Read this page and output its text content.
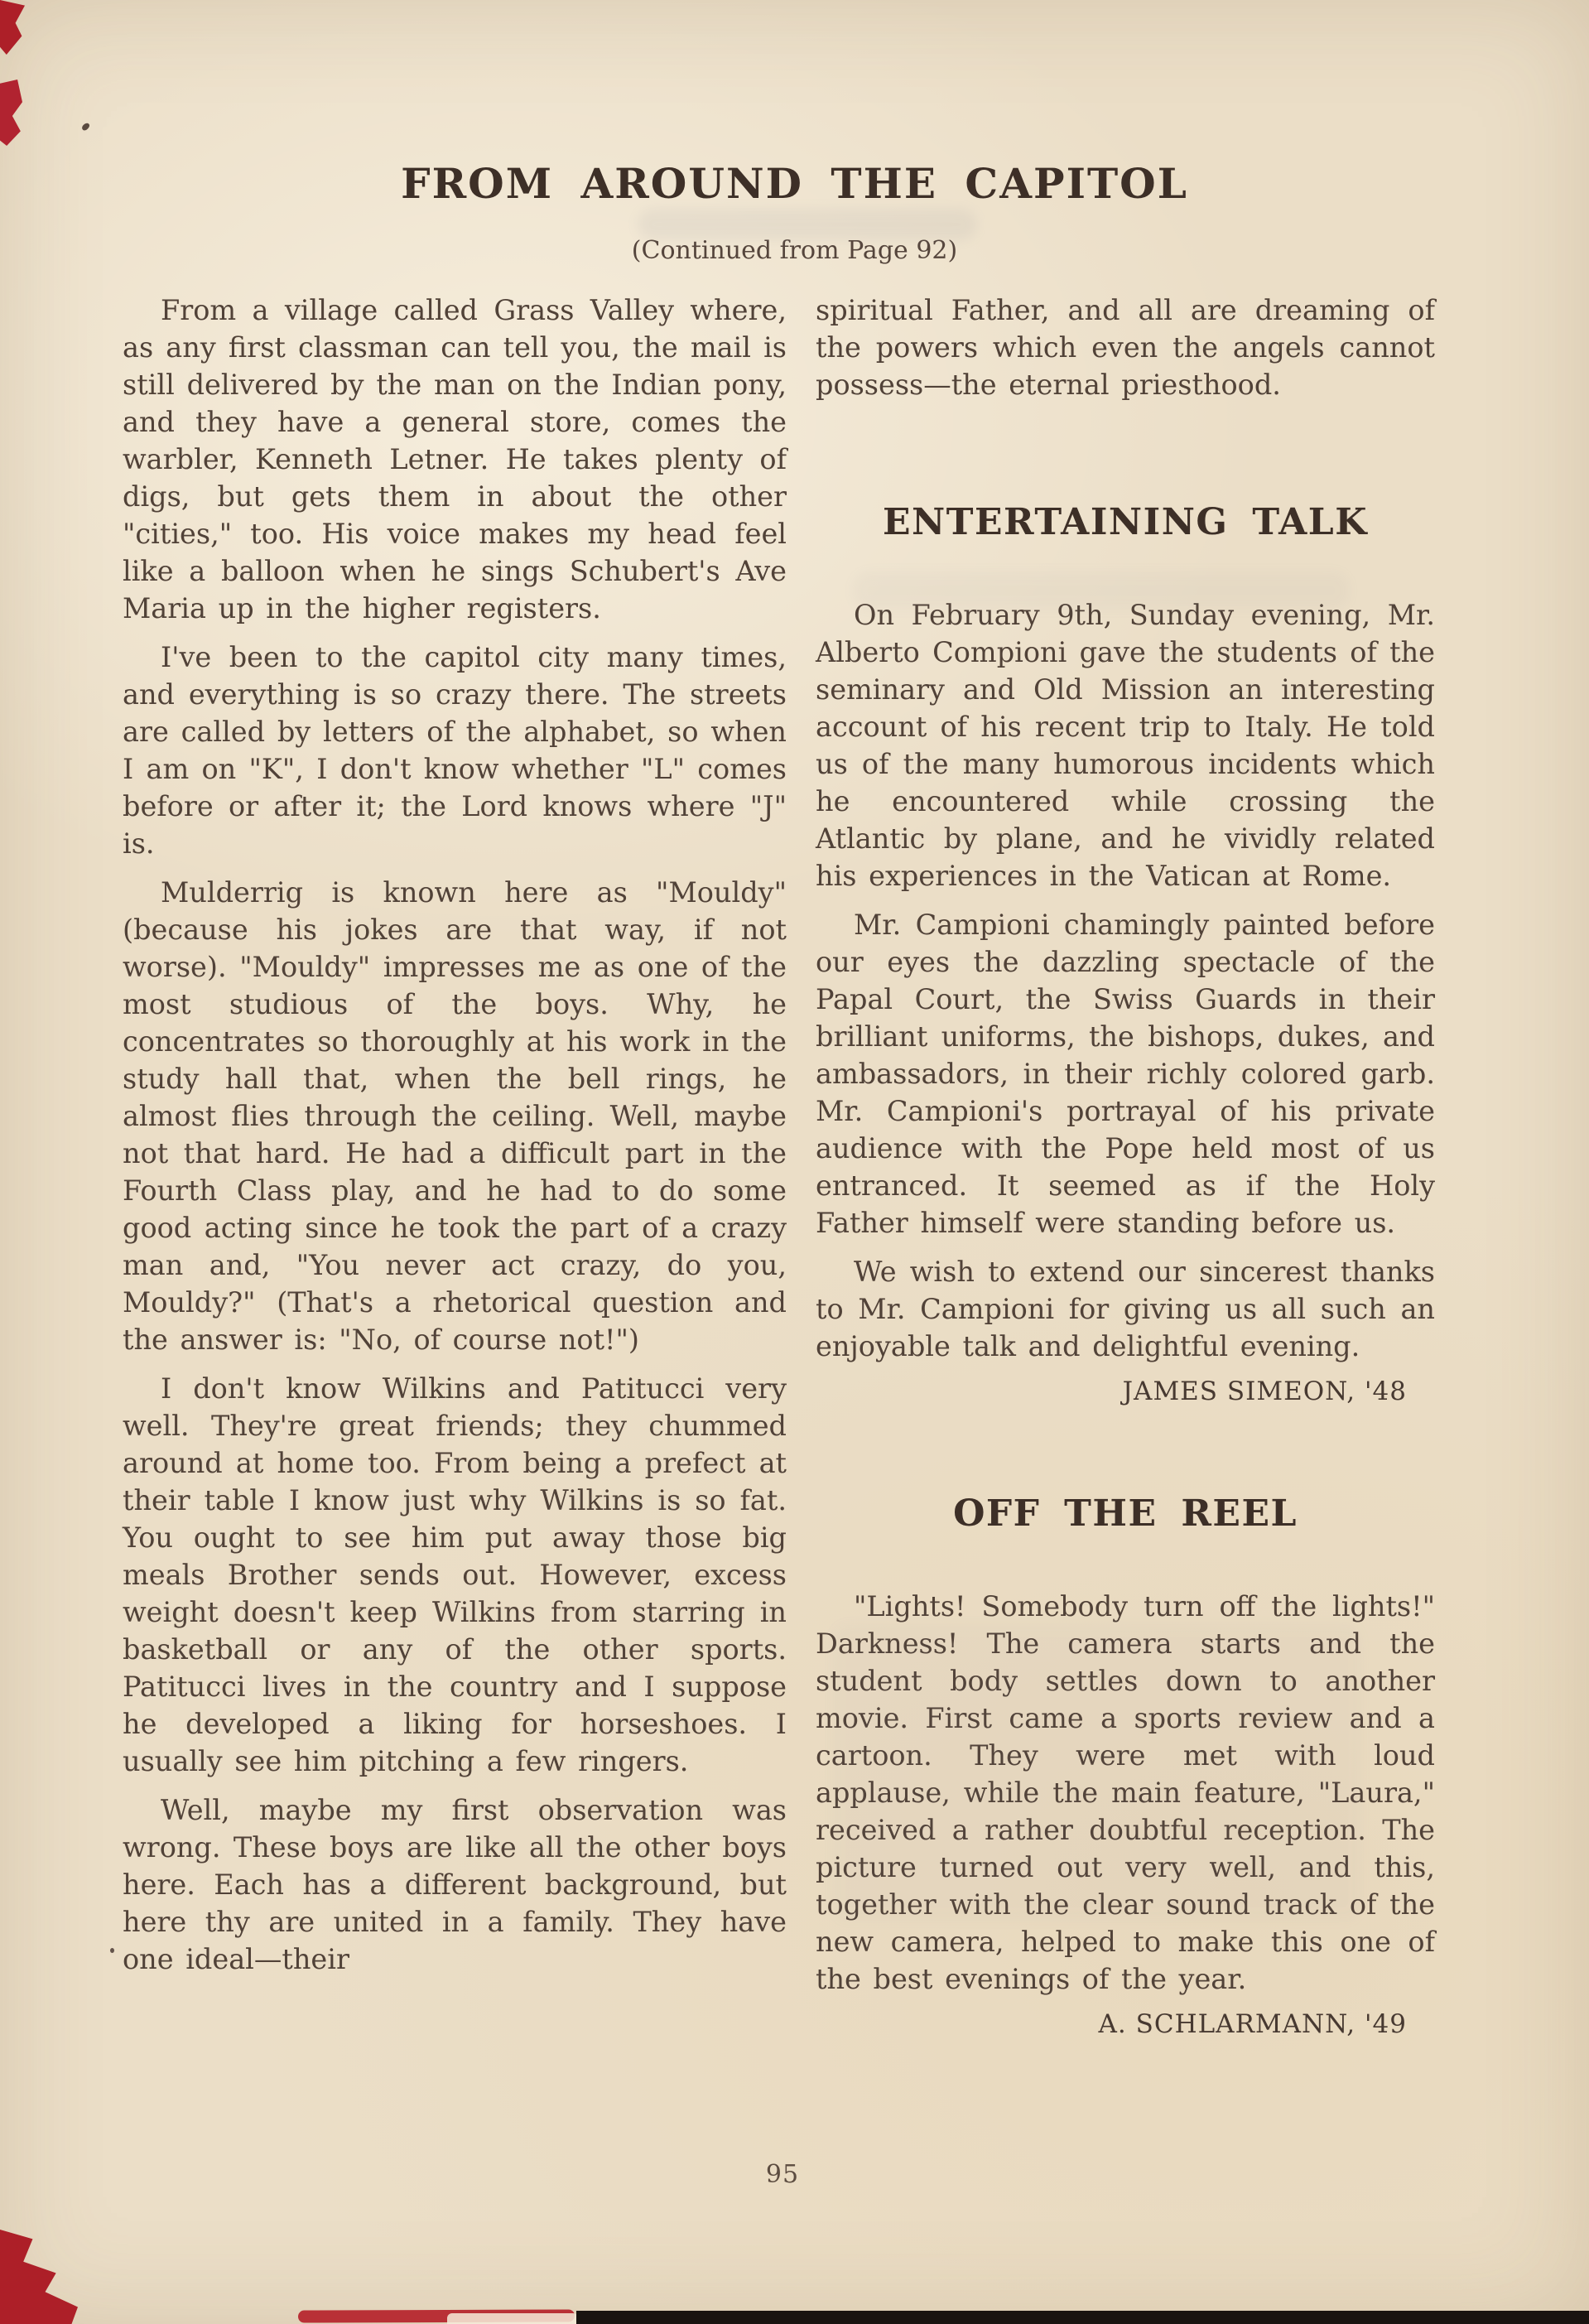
FROM AROUND THE CAPITOL
(Continued from Page 92)

From a village called Grass Valley where, as any first classman can tell you, the mail is still delivered by the man on the Indian pony, and they have a general store, comes the warbler, Kenneth Letner. He takes plenty of digs, but gets them in about the other "cities," too. His voice makes my head feel like a balloon when he sings Schubert's Ave Maria up in the higher registers.

I've been to the capitol city many times, and everything is so crazy there. The streets are called by letters of the alphabet, so when I am on "K", I don't know whether "L" comes before or after it; the Lord knows where "J" is.

Mulderrig is known here as "Mouldy" (because his jokes are that way, if not worse). "Mouldy" impresses me as one of the most studious of the boys. Why, he concentrates so thoroughly at his work in the study hall that, when the bell rings, he almost flies through the ceiling. Well, maybe not that hard. He had a difficult part in the Fourth Class play, and he had to do some good acting since he took the part of a crazy man and, "You never act crazy, do you, Mouldy?" (That's a rhetorical question and the answer is: "No, of course not!")

I don't know Wilkins and Patitucci very well. They're great friends; they chummed around at home too. From being a prefect at their table I know just why Wilkins is so fat. You ought to see him put away those big meals Brother sends out. However, excess weight doesn't keep Wilkins from starring in basketball or any of the other sports. Patitucci lives in the country and I suppose he developed a liking for horseshoes. I usually see him pitching a few ringers.

Well, maybe my first observation was wrong. These boys are like all the other boys here. Each has a different background, but here thy are united in a family. They have one ideal—their

spiritual Father, and all are dreaming of the powers which even the angels cannot possess—the eternal priesthood.

ENTERTAINING TALK

On February 9th, Sunday evening, Mr. Alberto Compioni gave the students of the seminary and Old Mission an interesting account of his recent trip to Italy. He told us of the many humorous incidents which he encountered while crossing the Atlantic by plane, and he vividly related his experiences in the Vatican at Rome.

Mr. Campioni chamingly painted before our eyes the dazzling spectacle of the Papal Court, the Swiss Guards in their brilliant uniforms, the bishops, dukes, and ambassadors, in their richly colored garb. Mr. Campioni's portrayal of his private audience with the Pope held most of us entranced. It seemed as if the Holy Father himself were standing before us.

We wish to extend our sincerest thanks to Mr. Campioni for giving us all such an enjoyable talk and delightful evening.

JAMES SIMEON, '48

OFF THE REEL

"Lights! Somebody turn off the lights!" Darkness! The camera starts and the student body settles down to another movie. First came a sports review and a cartoon. They were met with loud applause, while the main feature, "Laura," received a rather doubtful reception. The picture turned out very well, and this, together with the clear sound track of the new camera, helped to make this one of the best evenings of the year.

A. SCHLARMANN, '49

95
